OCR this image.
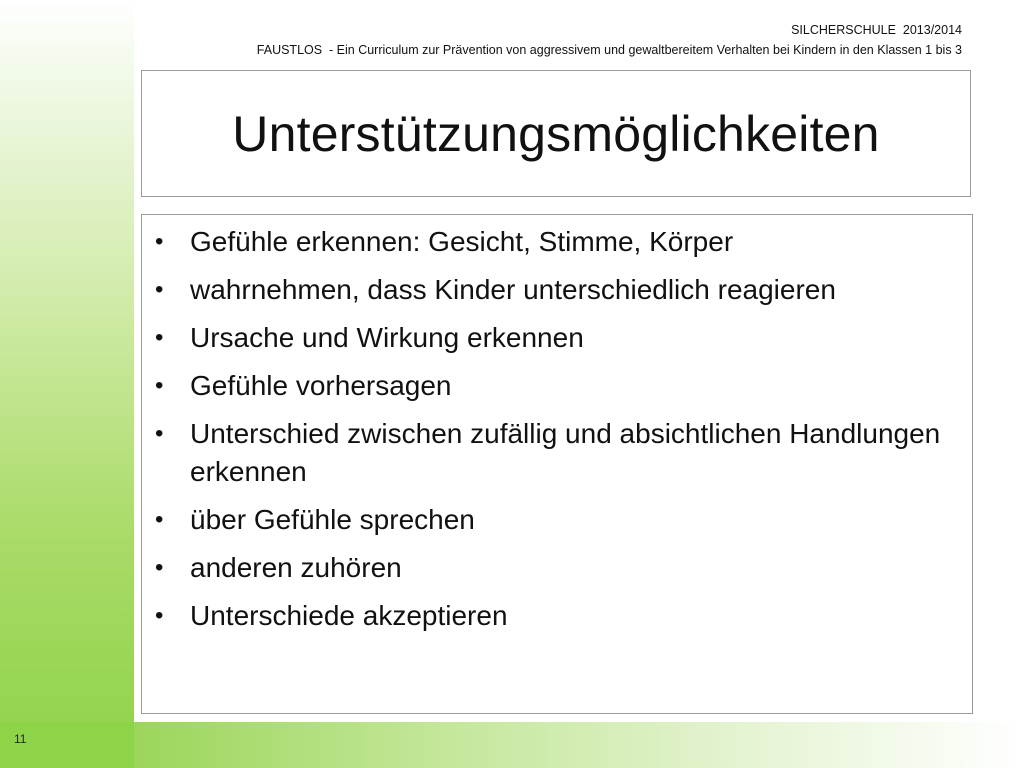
11
SILCHERSCHULE  2013/2014
FAUSTLOS  - Ein Curriculum zur Prävention von aggressivem und gewaltbereitem Verhalten bei Kindern in den Klassen 1 bis 3
Unterstützungsmöglichkeiten
• Gefühle erkennen: Gesicht, Stimme, Körper
• wahrnehmen, dass Kinder unterschiedlich reagieren
• Ursache und Wirkung erkennen
• Gefühle vorhersagen
• Unterschied zwischen zufällig und absichtlichen Handlungen erkennen
• über Gefühle sprechen
• anderen zuhören
• Unterschiede akzeptieren
